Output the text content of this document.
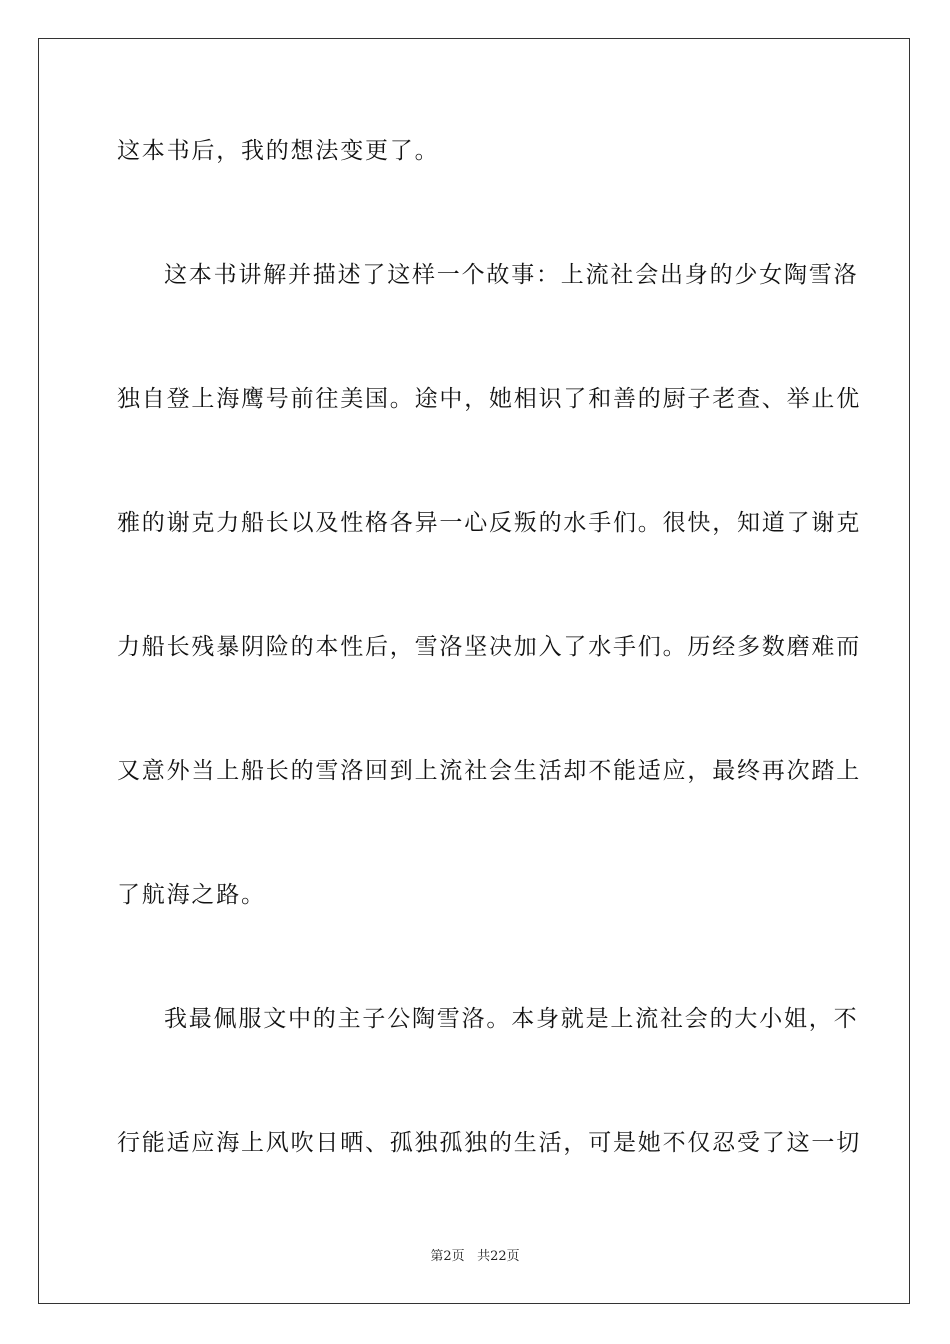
这本书后，我的想法变更了。
这本书讲解并描述了这样一个故事：上流社会出身的少女陶雪洛
独自登上海鹰号前往美国。途中，她相识了和善的厨子老查、举止优
雅的谢克力船长以及性格各异一心反叛的水手们。很快，知道了谢克
力船长残暴阴险的本性后，雪洛坚决加入了水手们。历经多数磨难而
又意外当上船长的雪洛回到上流社会生活却不能适应，最终再次踏上
了航海之路。
我最佩服文中的主子公陶雪洛。本身就是上流社会的大小姐，不
行能适应海上风吹日晒、孤独孤独的生活，可是她不仅忍受了这一切
第2页 共22页
